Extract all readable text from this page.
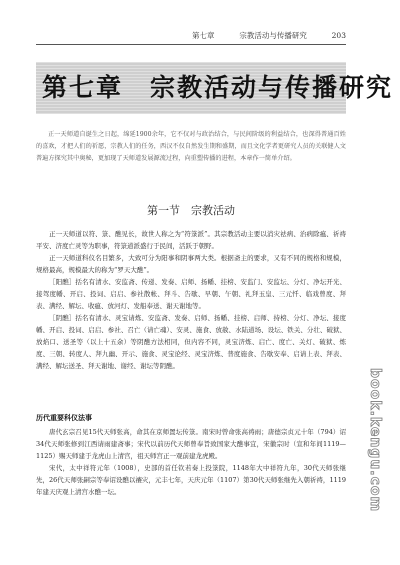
第七章	宗教活动与传播研究	203
第七章　宗教活动与传播研究
正一天师道自诞生之日起，绵延1900余年，它不仅对与政治结合，与民间阶级的利益结合，也深得普通百姓的喜欢，才把人们的祈愿，宗教人们的任务，西汉不仅自然发生期和盛期，而且文化学者更研究人员的关联健人文普遍方探究其中奥秘，更加现了天师道发展源流过程，向重塑传播的进程，本章作一简单介绍。
第一节　宗教活动

正一天师道以符、箓、醮见长，故世人称之为“符箓派”。其宗教活动主要以消灾祛病、治病除瘟、祈祷平安、济度亡灵等为职事，符箓道派盛行于民间，活跃于朝野。

正一天师道科仪名目繁多，大致可分为阳事和阴事两大类。根据斋主的要求，又有不同的规格和规模，规格最高，规模最大的称为“罗天大醮”。

［阳醮］括名有清水、安监斋、传递、发奏、启师、扬幡、挂榜、安监门、安监坛、分灯、净坛开光、接驾度幡、开启、投词、启启、参社散帐、拜斗、告歇、早朝、午朝、礼拜玉皇、三元忏、临戏曾度、拜表、满经、解坛、收瘟、放河灯、发船奉送、谢天谢地等。

［阴醮］括名有清水、灵宝请炼、安监斋、发奏、启师、扬幡、挂榜、启师、持榜、分灯、净坛、接度幡、开启、投词、启启、参社、召亡（请亡魂）、安灵、施食、放赦、水陆道场、设坛、铁关、分壮、破狱、放焰口、送圣等（以上十五余）等阴醮方法相同，但内容不同，灵宝济炼、启亡、度亡、关灯、破狱、炼度、三朝、转度人、拜九幽、开示、施食、灵宝论经、灵宝济炼、普度施食、告歇安奉、启请上表、拜表、满经、解坛送圣、拜天谢地、谢经、谢坛等阴醮。

历代重要科仪法事

唐代玄宗召见15代天师张高，命其在京师置坛传箓。南宋时曾命张高祷雨；唐德宗贞元十年（794）诏34代天师张修到江西请雨建斋事；宋代以前历代天师曾奉旨致国家大醮事宜，宋徽宗时（宣和年间1119—1125）赐天师建于龙虎山上清宫，祖天师宫正一观前建龙虎殿。

宋代，太中祥符元年（1008），史部的首任钦若奏上投箓院，1148年大中祥符九年，30代天师张继先，26代天师张嗣宗等奉诏设醮以禳灾，元丰七年，天庆元年（1107）第30代天师张继先入朝祈祷，1119年建天庆观上清宫水醮一坛。	book.kengu.com
